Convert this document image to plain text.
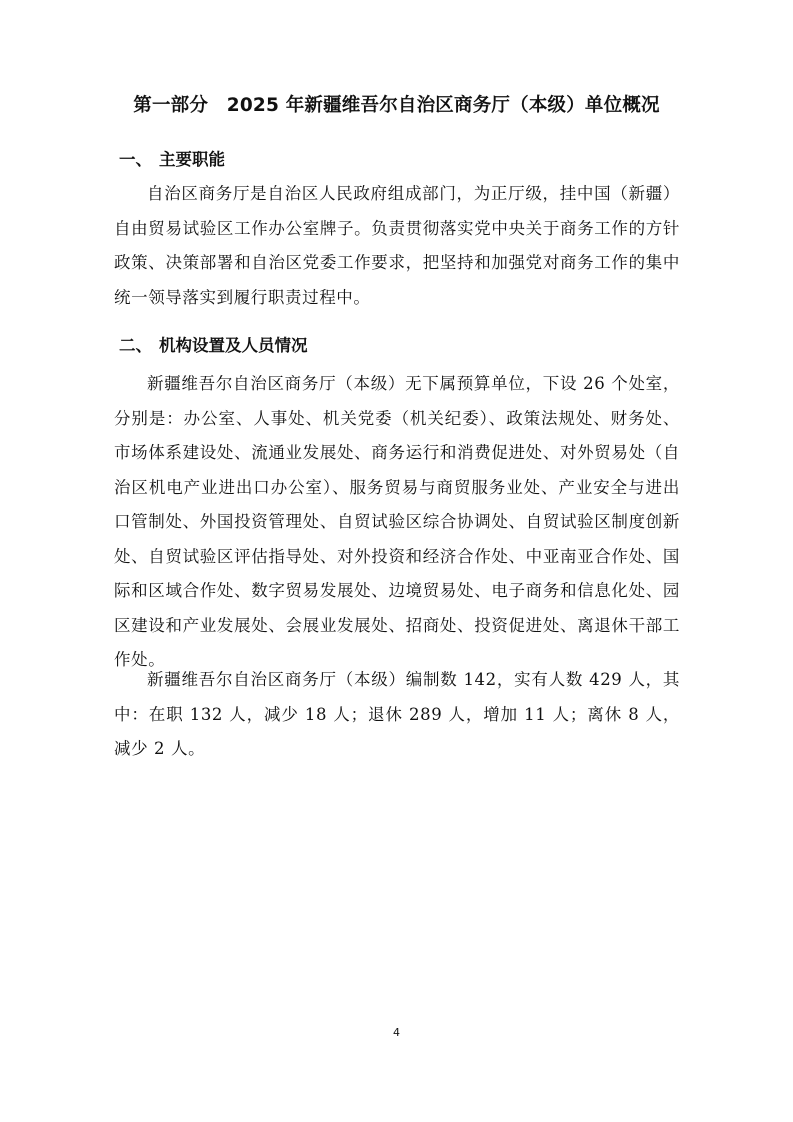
第一部分　2025 年新疆维吾尔自治区商务厅（本级）单位概况
一、 主要职能
自治区商务厅是自治区人民政府组成部门，为正厅级，挂中国（新疆）自由贸易试验区工作办公室牌子。负责贯彻落实党中央关于商务工作的方针政策、决策部署和自治区党委工作要求，把坚持和加强党对商务工作的集中统一领导落实到履行职责过程中。
二、 机构设置及人员情况
新疆维吾尔自治区商务厅（本级）无下属预算单位，下设 26 个处室，分别是：办公室、人事处、机关党委（机关纪委）、政策法规处、财务处、市场体系建设处、流通业发展处、商务运行和消费促进处、对外贸易处（自治区机电产业进出口办公室）、服务贸易与商贸服务业处、产业安全与进出口管制处、外国投资管理处、自贸试验区综合协调处、自贸试验区制度创新处、自贸试验区评估指导处、对外投资和经济合作处、中亚南亚合作处、国际和区域合作处、数字贸易发展处、边境贸易处、电子商务和信息化处、园区建设和产业发展处、会展业发展处、招商处、投资促进处、离退休干部工作处。
新疆维吾尔自治区商务厅（本级）编制数 142，实有人数 429 人，其中：在职 132 人，减少 18 人；退休 289 人，增加 11 人；离休 8 人，减少 2 人。
4
